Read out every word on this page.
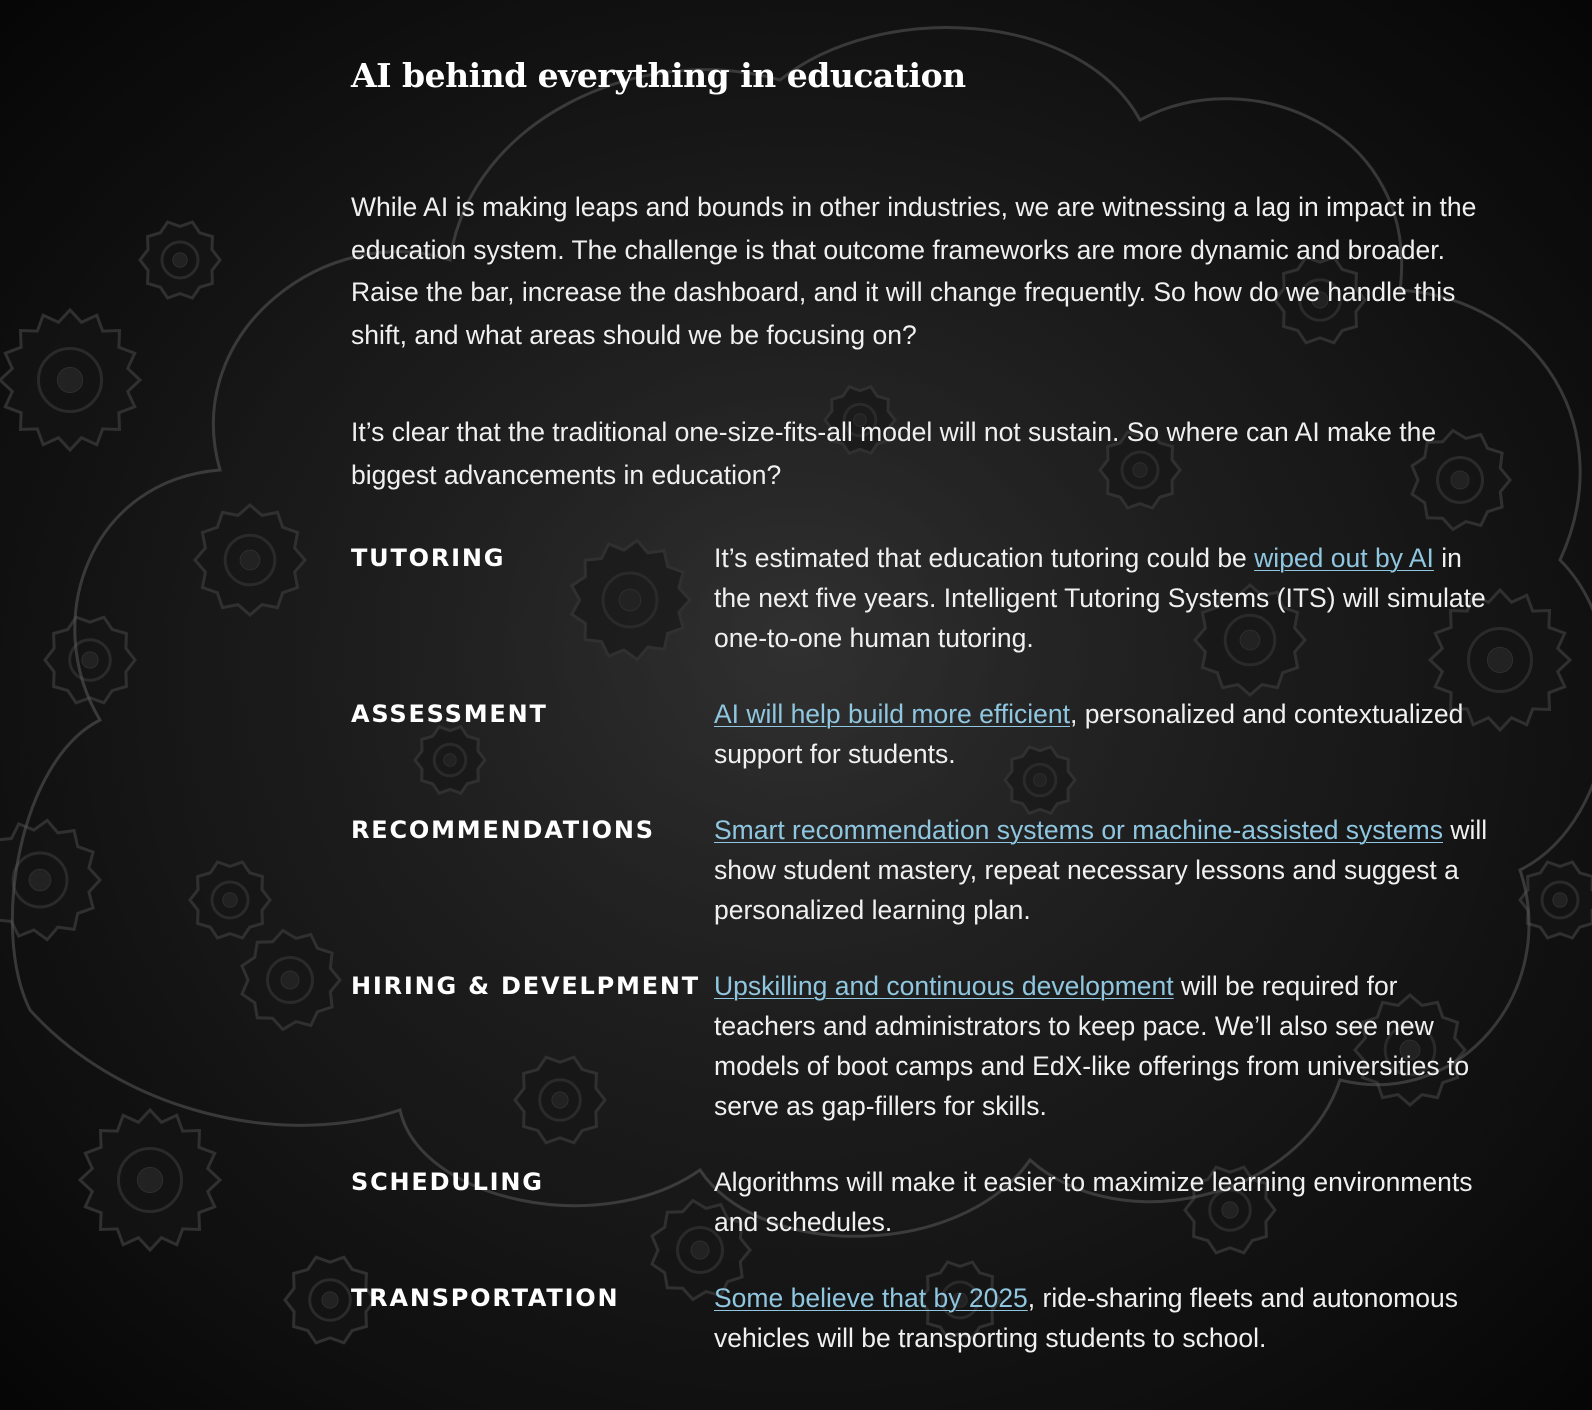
AI behind everything in education

While AI is making leaps and bounds in other industries, we are witnessing a lag in impact in the education system. The challenge is that outcome frameworks are more dynamic and broader. Raise the bar, increase the dashboard, and it will change frequently. So how do we handle this shift, and what areas should we be focusing on?

It’s clear that the traditional one-size-fits-all model will not sustain. So where can AI make the biggest advancements in education?

TUTORING	It’s estimated that education tutoring could be wiped out by AI in the next five years. Intelligent Tutoring Systems (ITS) will simulate one-to-one human tutoring.

ASSESSMENT	AI will help build more efficient, personalized and contextualized support for students.

RECOMMENDATIONS Smart recommendation systems or machine-assisted systems will show student mastery, repeat necessary lessons and suggest a personalized learning plan.

HIRING & DEVELPMENT Upskilling and continuous development will be required for teachers and administrators to keep pace. We’ll also see new models of boot camps and EdX-like offerings from universities to serve as gap-fillers for skills.

SCHEDULING	Algorithms will make it easier to maximize learning environments and schedules.

TRANSPORTATION	Some believe that by 2025, ride-sharing fleets and autonomous vehicles will be transporting students to school.
